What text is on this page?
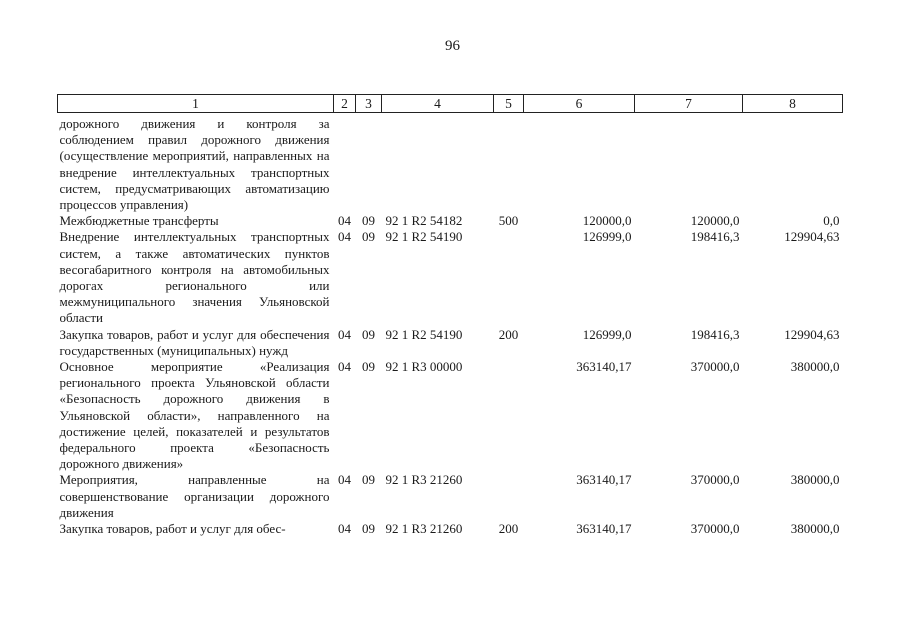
96
1	2	3	4	5	6	7	8
дорожного движения и контроля за соблюдением правил дорожного движения (осуществление мероприятий, направленных на внедрение интеллектуальных транспортных систем, предусматривающих автоматизацию процессов управления)							
Межбюджетные трансферты	04	09	92 1 R2 54182	500	120000,0	120000,0	0,0
Внедрение интеллектуальных транспортных систем, а также автоматических пунктов весогабаритного контроля на автомобильных дорогах регионального или межмуниципального значения Ульяновской области	04	09	92 1 R2 54190		126999,0	198416,3	129904,63
Закупка товаров, работ и услуг для обеспечения государственных (муниципальных) нужд	04	09	92 1 R2 54190	200	126999,0	198416,3	129904,63
Основное мероприятие «Реализация регионального проекта Ульяновской области «Безопасность дорожного движения в Ульяновской области», направленного на достижение целей, показателей и результатов федерального проекта «Безопасность дорожного движения»	04	09	92 1 R3 00000		363140,17	370000,0	380000,0
Мероприятия, направленные на совершенствование организации дорожного движения	04	09	92 1 R3 21260		363140,17	370000,0	380000,0
Закупка товаров, работ и услуг для обес-	04	09	92 1 R3 21260	200	363140,17	370000,0	380000,0
